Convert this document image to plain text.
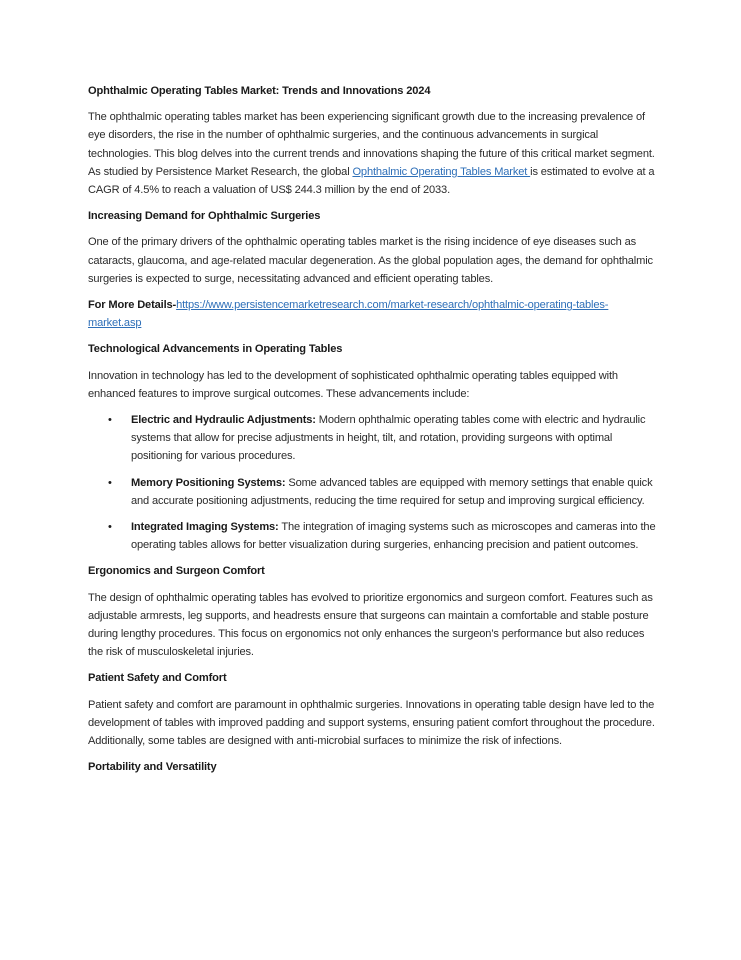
Ophthalmic Operating Tables Market: Trends and Innovations 2024

The ophthalmic operating tables market has been experiencing significant growth due to the increasing prevalence of eye disorders, the rise in the number of ophthalmic surgeries, and the continuous advancements in surgical technologies. This blog delves into the current trends and innovations shaping the future of this critical market segment. As studied by Persistence Market Research, the global Ophthalmic Operating Tables Market is estimated to evolve at a CAGR of 4.5% to reach a valuation of US$ 244.3 million by the end of 2033.

Increasing Demand for Ophthalmic Surgeries

One of the primary drivers of the ophthalmic operating tables market is the rising incidence of eye diseases such as cataracts, glaucoma, and age-related macular degeneration. As the global population ages, the demand for ophthalmic surgeries is expected to surge, necessitating advanced and efficient operating tables.

For More Details-https://www.persistencemarketresearch.com/market-research/ophthalmic-operating-tables-market.asp

Technological Advancements in Operating Tables

Innovation in technology has led to the development of sophisticated ophthalmic operating tables equipped with enhanced features to improve surgical outcomes. These advancements include:

• Electric and Hydraulic Adjustments: Modern ophthalmic operating tables come with electric and hydraulic systems that allow for precise adjustments in height, tilt, and rotation, providing surgeons with optimal positioning for various procedures.
• Memory Positioning Systems: Some advanced tables are equipped with memory settings that enable quick and accurate positioning adjustments, reducing the time required for setup and improving surgical efficiency.
• Integrated Imaging Systems: The integration of imaging systems such as microscopes and cameras into the operating tables allows for better visualization during surgeries, enhancing precision and patient outcomes.

Ergonomics and Surgeon Comfort

The design of ophthalmic operating tables has evolved to prioritize ergonomics and surgeon comfort. Features such as adjustable armrests, leg supports, and headrests ensure that surgeons can maintain a comfortable and stable posture during lengthy procedures. This focus on ergonomics not only enhances the surgeon’s performance but also reduces the risk of musculoskeletal injuries.

Patient Safety and Comfort

Patient safety and comfort are paramount in ophthalmic surgeries. Innovations in operating table design have led to the development of tables with improved padding and support systems, ensuring patient comfort throughout the procedure. Additionally, some tables are designed with anti-microbial surfaces to minimize the risk of infections.

Portability and Versatility
